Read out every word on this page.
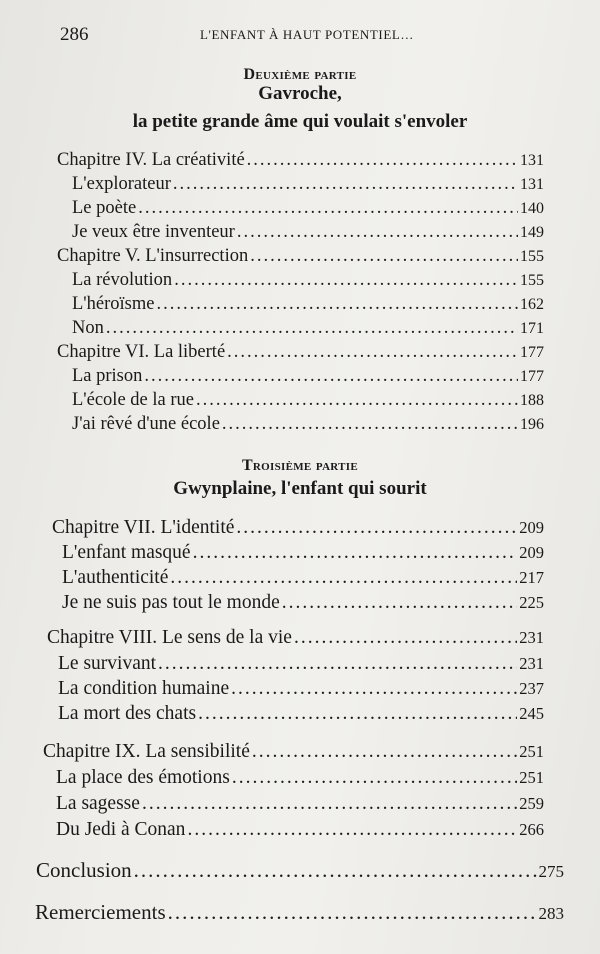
286	L'ENFANT À HAUT POTENTIEL…
Deuxième partie
Gavroche,
la petite grande âme qui voulait s'envoler
Chapitre IV. La créativité .....	131
L'explorateur .....	131
Le poète .....	140
Je veux être inventeur .....	149
Chapitre V. L'insurrection .....	155
La révolution .....	155
L'héroïsme .....	162
Non .....	171
Chapitre VI. La liberté .....	177
La prison .....	177
L'école de la rue .....	188
J'ai rêvé d'une école .....	196
Troisième partie
Gwynplaine, l'enfant qui sourit
Chapitre VII. L'identité .....	209
L'enfant masqué .....	209
L'authenticité .....	217
Je ne suis pas tout le monde .....	225
Chapitre VIII. Le sens de la vie .....	231
Le survivant .....	231
La condition humaine .....	237
La mort des chats .....	245
Chapitre IX. La sensibilité .....	251
La place des émotions .....	251
La sagesse .....	259
Du Jedi à Conan .....	266
Conclusion .....	275
Remerciements .....	283
